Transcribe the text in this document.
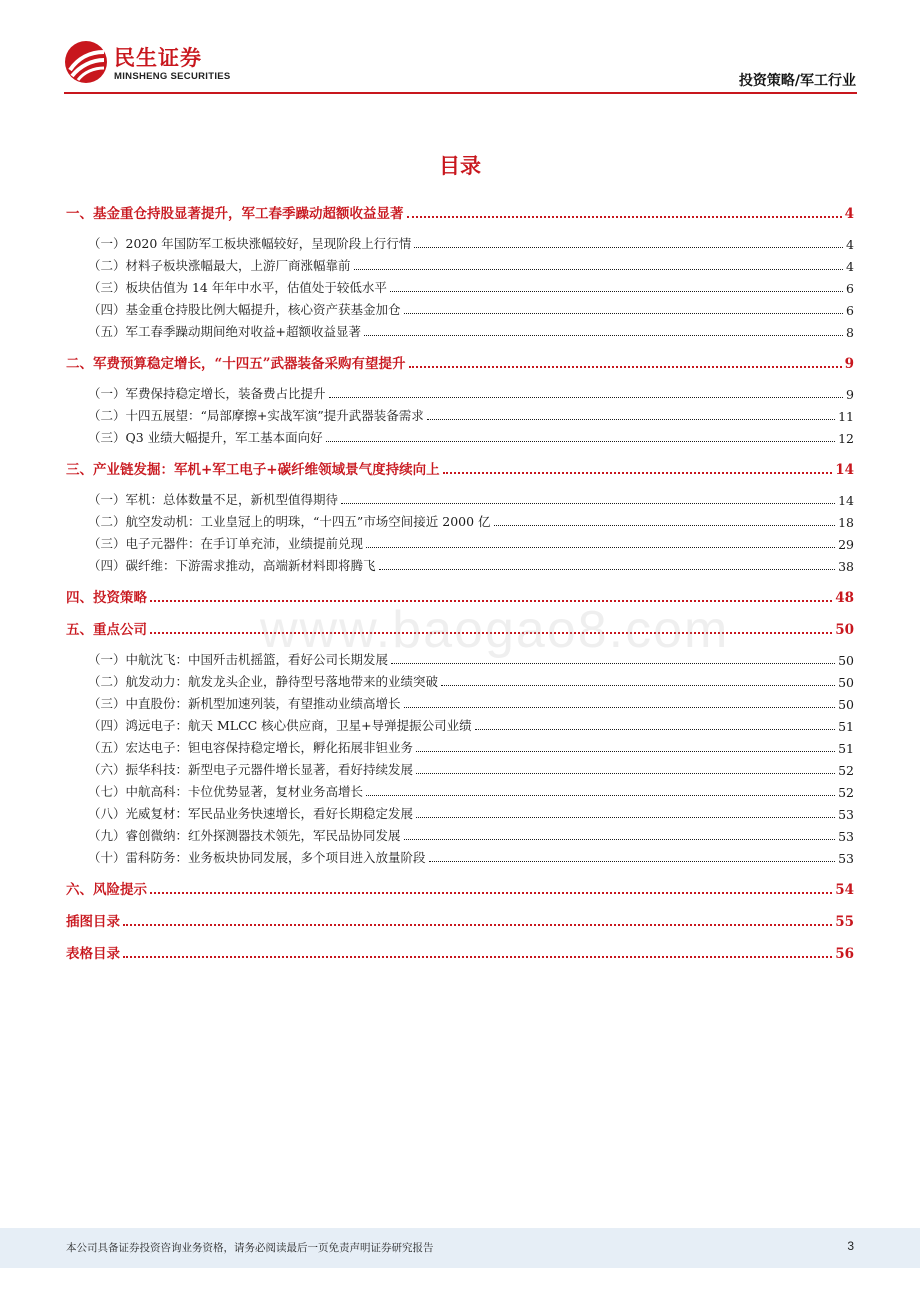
民生证券
MINSHENG SECURITIES	投资策略/军工行业
目录
一、基金重仓持股显著提升，军工春季躁动超额收益显著	4
（一）2020 年国防军工板块涨幅较好，呈现阶段上行行情	4
（二）材料子板块涨幅最大，上游厂商涨幅靠前	4
（三）板块估值为 14 年年中水平，估值处于较低水平	6
（四）基金重仓持股比例大幅提升，核心资产获基金加仓	6
（五）军工春季躁动期间绝对收益+超额收益显著	8
二、军费预算稳定增长，“十四五”武器装备采购有望提升	9
（一）军费保持稳定增长，装备费占比提升	9
（二）十四五展望：“局部摩擦+实战军演”提升武器装备需求	11
（三）Q3 业绩大幅提升，军工基本面向好	12
三、产业链发掘：军机+军工电子+碳纤维领域景气度持续向上	14
（一）军机：总体数量不足，新机型值得期待	14
（二）航空发动机：工业皇冠上的明珠，“十四五”市场空间接近 2000 亿	18
（三）电子元器件：在手订单充沛，业绩提前兑现	29
（四）碳纤维：下游需求推动，高端新材料即将腾飞	38
四、投资策略	48
五、重点公司	50
（一）中航沈飞：中国歼击机摇篮，看好公司长期发展	50
（二）航发动力：航发龙头企业，静待型号落地带来的业绩突破	50
（三）中直股份：新机型加速列装，有望推动业绩高增长	50
（四）鸿远电子：航天 MLCC 核心供应商，卫星+导弹提振公司业绩	51
（五）宏达电子：钽电容保持稳定增长，孵化拓展非钽业务	51
（六）振华科技：新型电子元器件增长显著，看好持续发展	52
（七）中航高科：卡位优势显著，复材业务高增长	52
（八）光威复材：军民品业务快速增长，看好长期稳定发展	53
（九）睿创微纳：红外探测器技术领先，军民品协同发展	53
（十）雷科防务：业务板块协同发展，多个项目进入放量阶段	53
六、风险提示	54
插图目录	55
表格目录	56
www.baogao8.com
本公司具备证券投资咨询业务资格，请务必阅读最后一页免责声明证券研究报告	3
